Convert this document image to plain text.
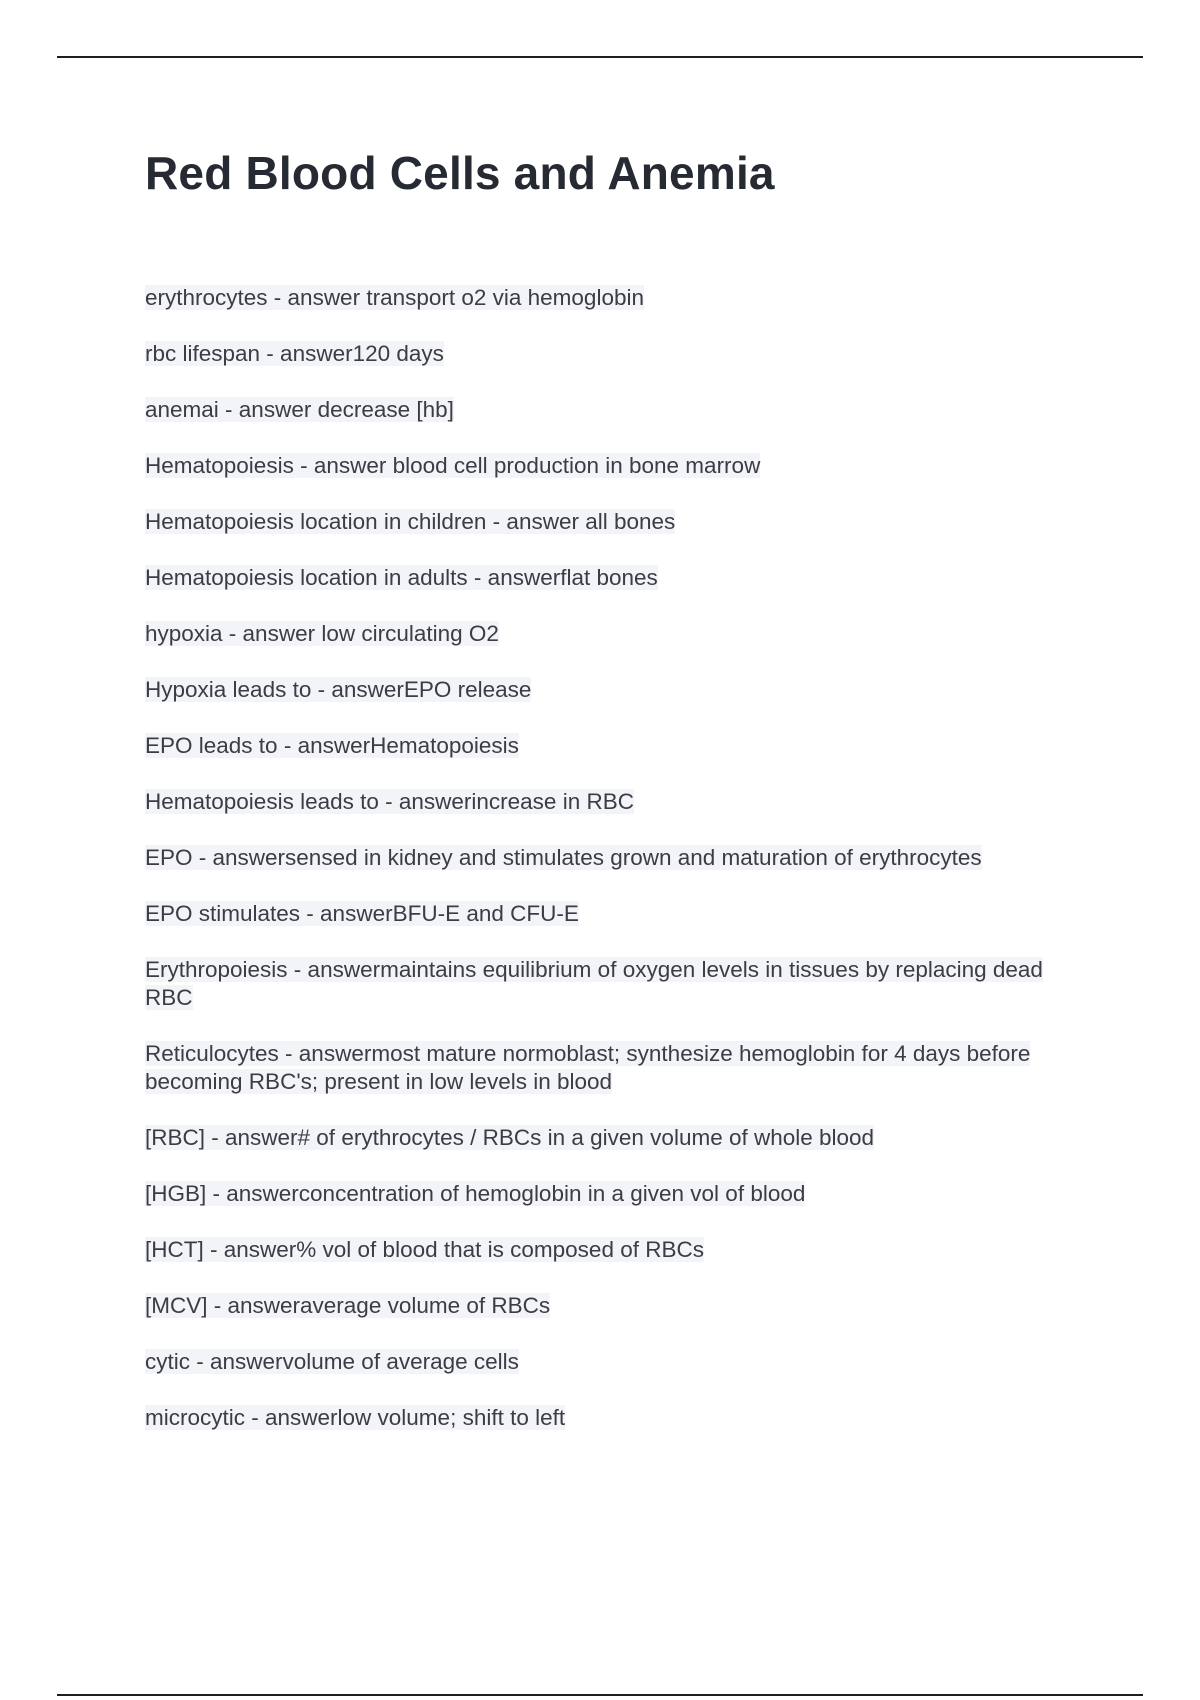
Red Blood Cells and Anemia
erythrocytes - answer transport o2 via hemoglobin
rbc lifespan - answer120 days
anemai - answer decrease [hb]
Hematopoiesis - answer blood cell production in bone marrow
Hematopoiesis location in children - answer all bones
Hematopoiesis location in adults - answerflat bones
hypoxia - answer low circulating O2
Hypoxia leads to - answerEPO release
EPO leads to - answerHematopoiesis
Hematopoiesis leads to - answerincrease in RBC
EPO - answersensed in kidney and stimulates grown and maturation of erythrocytes
EPO stimulates - answerBFU-E and CFU-E
Erythropoiesis - answermaintains equilibrium of oxygen levels in tissues by replacing dead RBC
Reticulocytes - answermost mature normoblast; synthesize hemoglobin for 4 days before becoming RBC's; present in low levels in blood
[RBC] - answer# of erythrocytes / RBCs in a given volume of whole blood
[HGB] - answerconcentration of hemoglobin in a given vol of blood
[HCT] - answer% vol of blood that is composed of RBCs
[MCV] - answeraverage volume of RBCs
cytic - answervolume of average cells
microcytic - answerlow volume; shift to left
